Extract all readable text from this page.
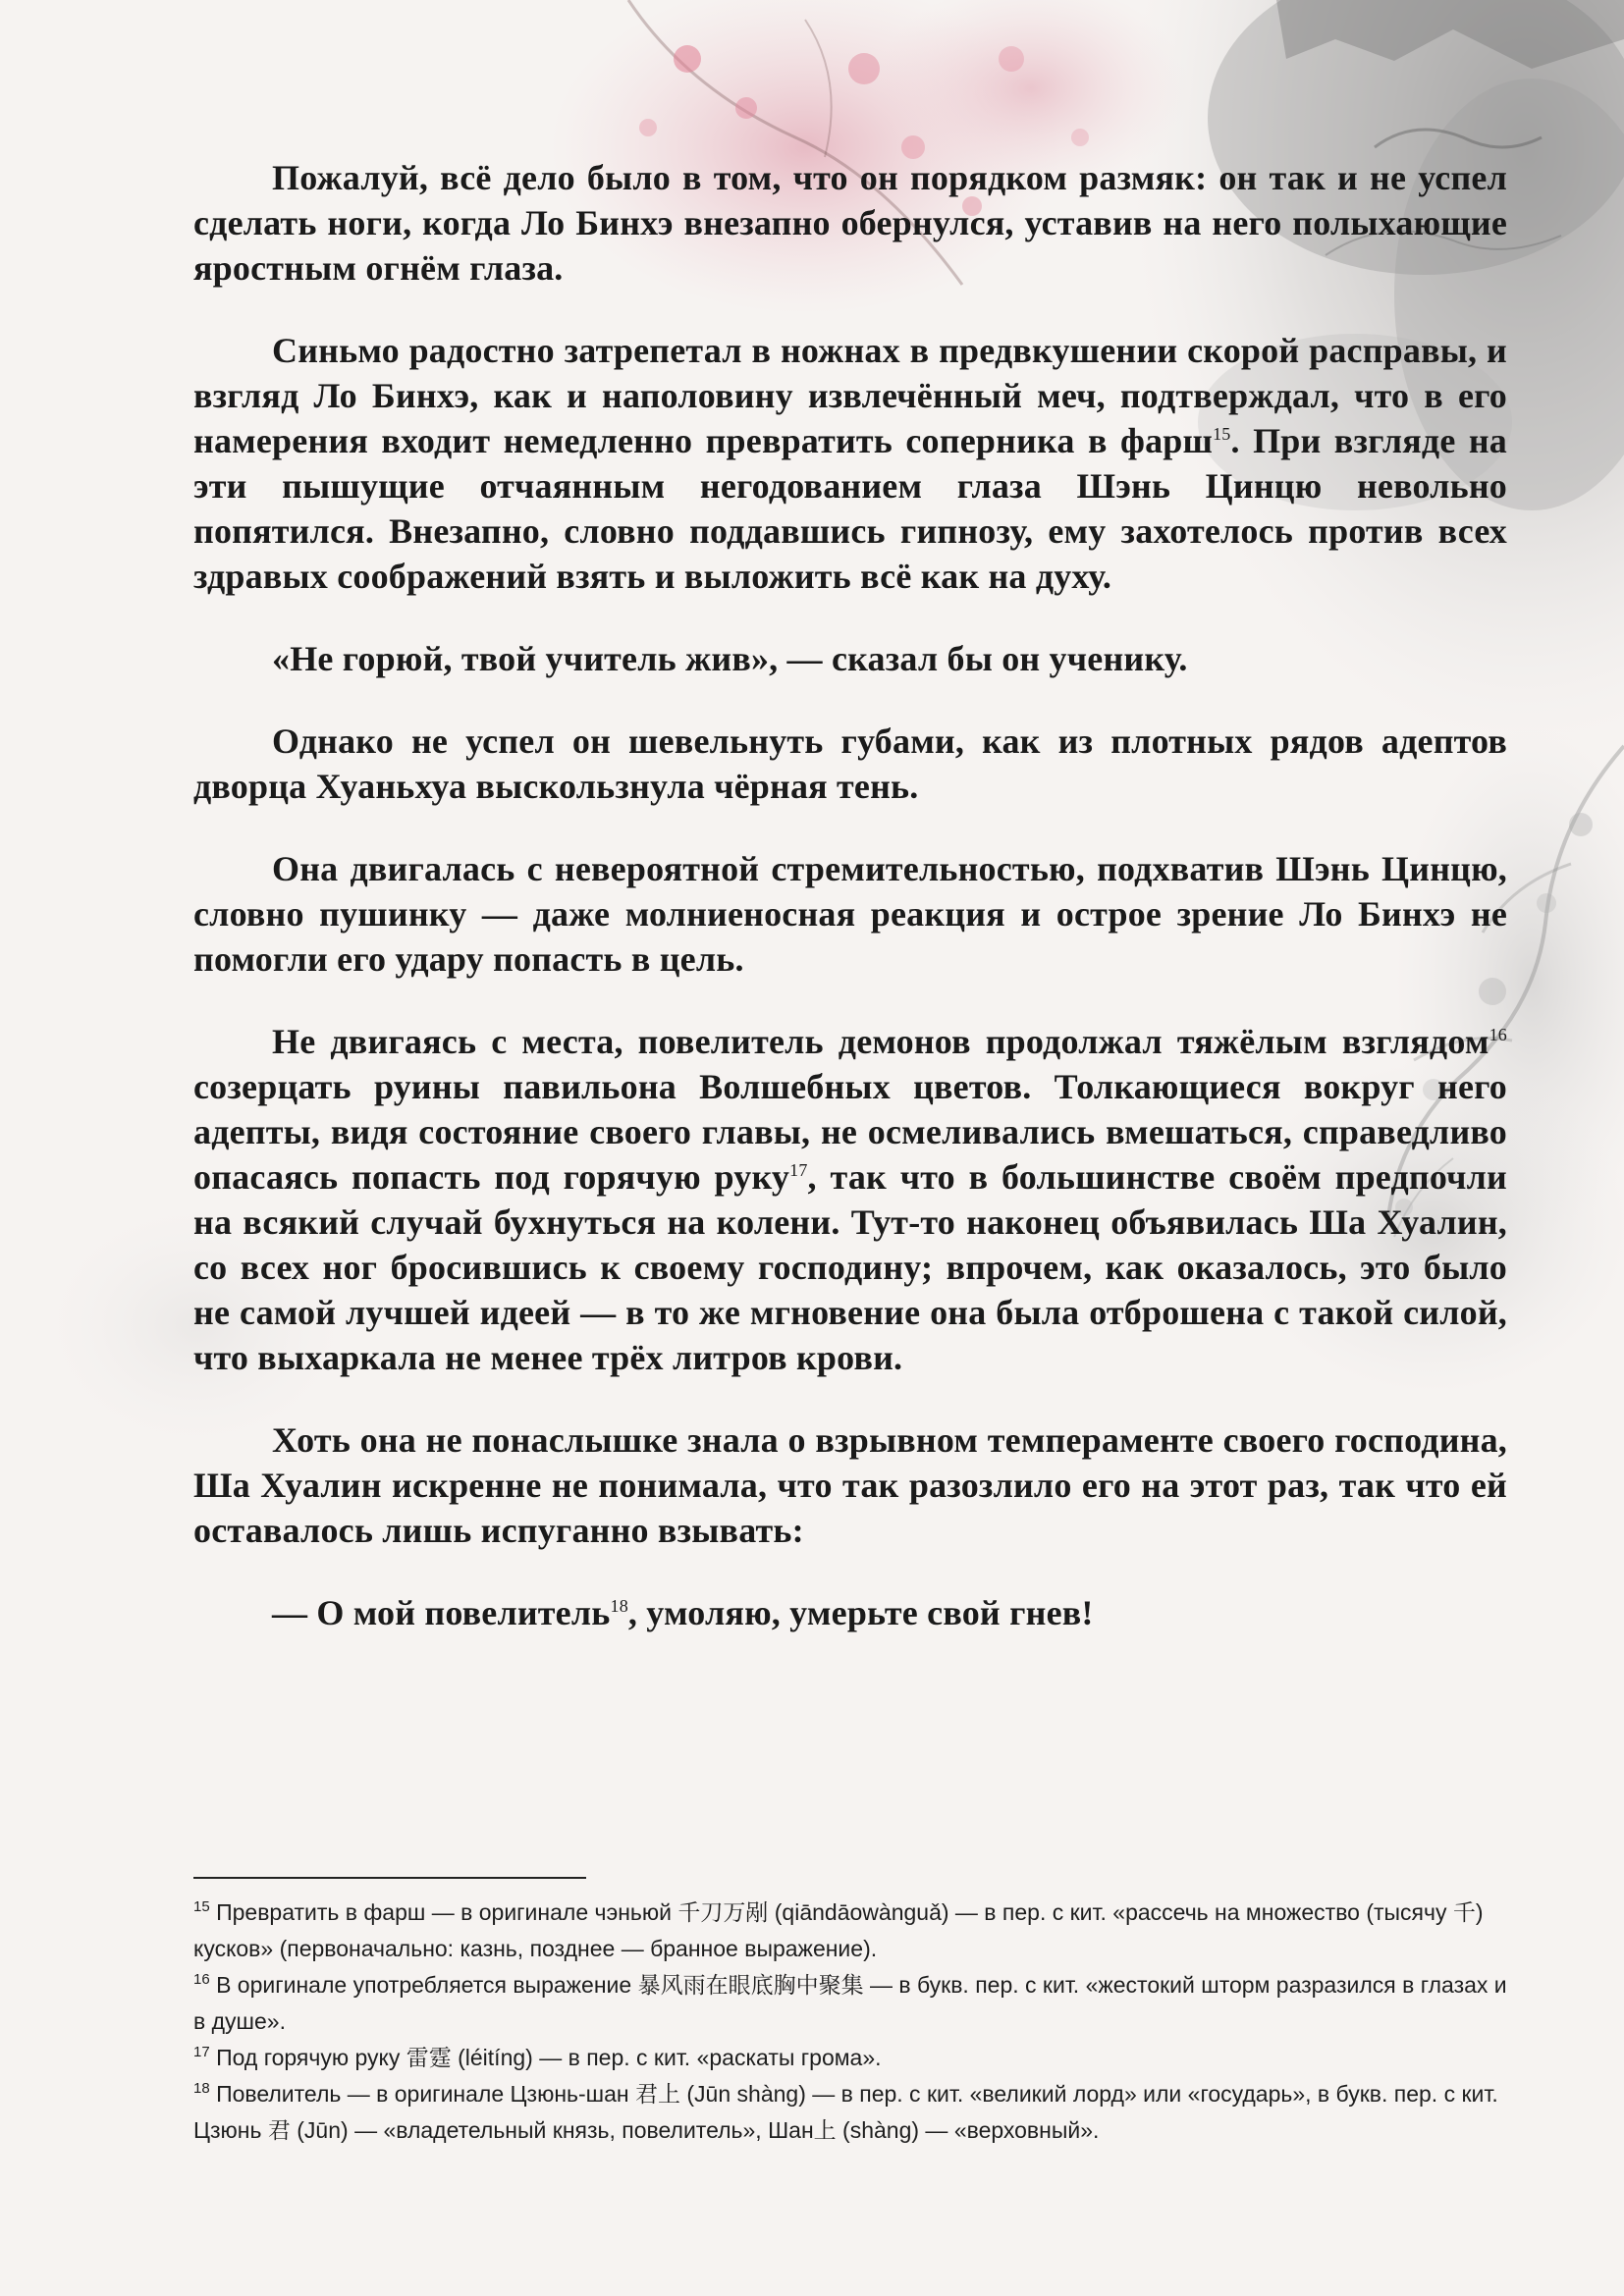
Пожалуй, всё дело было в том, что он порядком размяк: он так и не успел сделать ноги, когда Ло Бинхэ внезапно обернулся, уставив на него полыхающие яростным огнём глаза.

Синьмо радостно затрепетал в ножнах в предвкушении скорой расправы, и взгляд Ло Бинхэ, как и наполовину извлечённый меч, подтверждал, что в его намерения входит немедленно превратить соперника в фарш$^{15}$. При взгляде на эти пышущие отчаянным негодованием глаза Шэнь Цинцю невольно попятился. Внезапно, словно поддавшись гипнозу, ему захотелось против всех здравых соображений взять и выложить всё как на духу.

«Не горюй, твой учитель жив», — сказал бы он ученику.

Однако не успел он шевельнуть губами, как из плотных рядов адептов дворца Хуаньхуа выскользнула чёрная тень.

Она двигалась с невероятной стремительностью, подхватив Шэнь Цинцю, словно пушинку — даже молниеносная реакция и острое зрение Ло Бинхэ не помогли его удару попасть в цель.

Не двигаясь с места, повелитель демонов продолжал тяжёлым взглядом$^{16}$ созерцать руины павильона Волшебных цветов. Толкающиеся вокруг него адепты, видя состояние своего главы, не осмеливались вмешаться, справедливо опасаясь попасть под горячую руку$^{17}$, так что в большинстве своём предпочли на всякий случай бухнуться на колени. Тут-то наконец объявилась Ша Хуалин, со всех ног бросившись к своему господину; впрочем, как оказалось, это было не самой лучшей идеей — в то же мгновение она была отброшена с такой силой, что выхаркала не менее трёх литров крови.

Хоть она не понаслышке знала о взрывном темпераменте своего господина, Ша Хуалин искренне не понимала, что так разозлило его на этот раз, так что ей оставалось лишь испуганно взывать:

— О мой повелитель$^{18}$, умоляю, умерьте свой гнев!

$^{15}$ Превратить в фарш — в оригинале чэньюй 千刀万剐 (qiāndāowànguǎ) — в пер. с кит. «рассечь на множество (тысячу 千) кусков» (первоначально: казнь, позднее — бранное выражение).

$^{16}$ В оригинале употребляется выражение 暴风雨在眼底胸中聚集 — в букв. пер. с кит. «жестокий шторм разразился в глазах и в душе».

$^{17}$ Под горячую руку 雷霆 (léitíng) — в пер. с кит. «раскаты грома».

$^{18}$ Повелитель — в оригинале Цзюнь-шан 君上 (Jūn shàng) — в пер. с кит. «великий лорд» или «государь», в букв. пер. с кит. Цзюнь 君 (Jūn) — «владетельный князь, повелитель», Шан上 (shàng) — «верховный».
